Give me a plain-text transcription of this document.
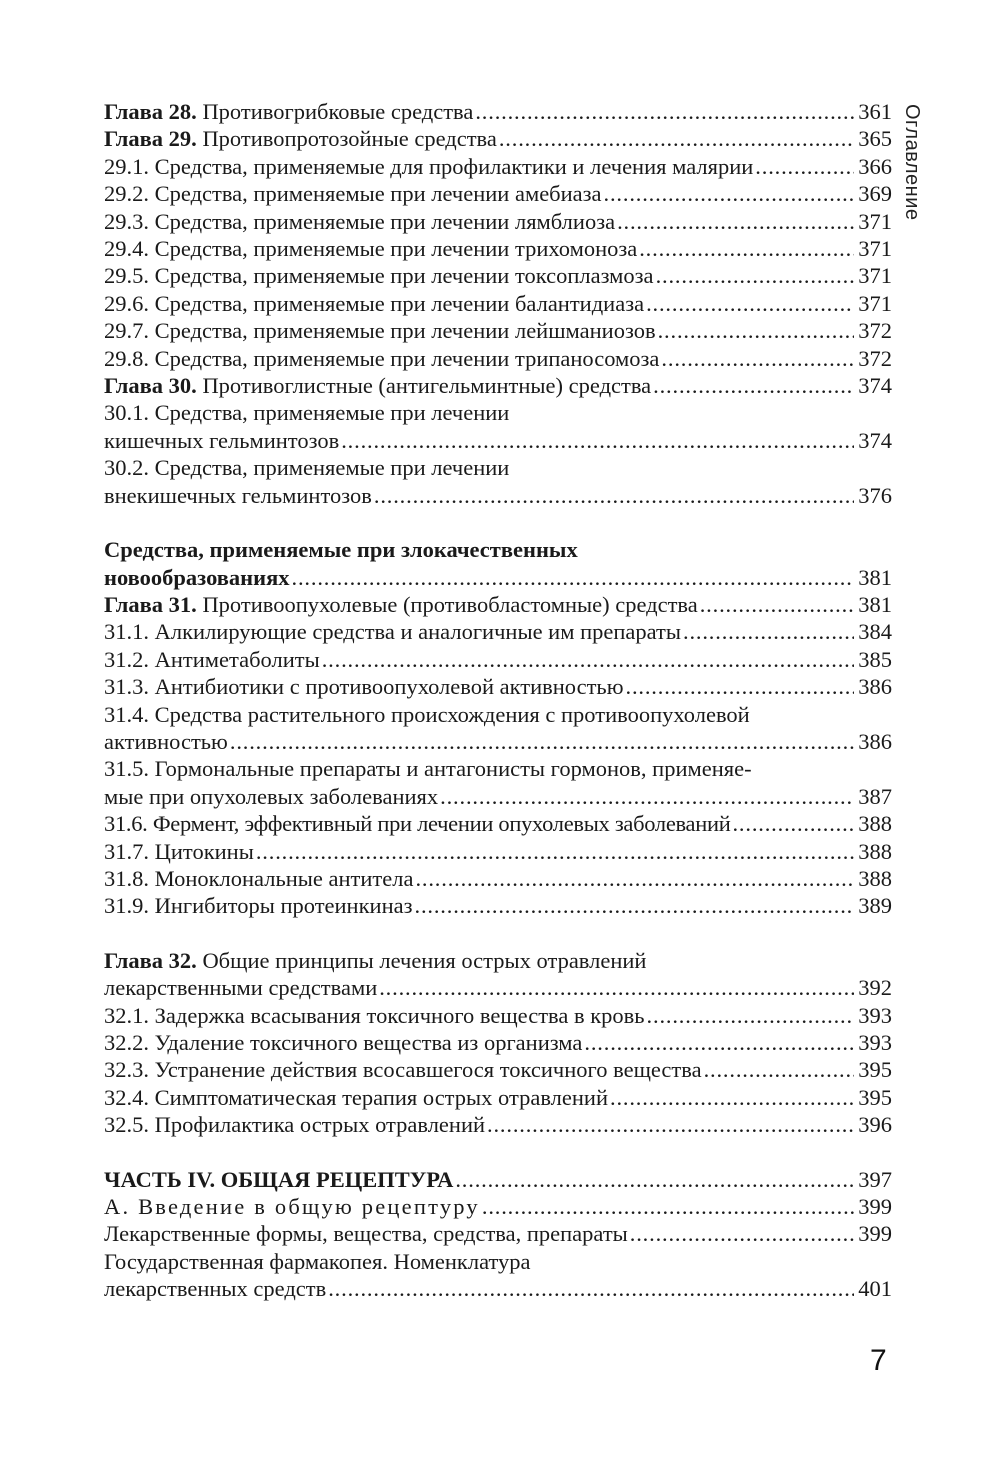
Оглавление
Глава 28. Противогрибковые средства . . .	361
Глава 29. Противопротозойные средства . . .	365
29.1. Средства, применяемые для профилактики и лечения малярии . . .	366
29.2. Средства, применяемые при лечении амебиаза . . .	369
29.3. Средства, применяемые при лечении лямблиоза . . .	371
29.4. Средства, применяемые при лечении трихомоноза . . .	371
29.5. Средства, применяемые при лечении токсоплазмоза . . .	371
29.6. Средства, применяемые при лечении балантидиаза . . .	371
29.7. Средства, применяемые при лечении лейшманиозов . . .	372
29.8. Средства, применяемые при лечении трипаносомоза . . .	372
Глава 30. Противоглистные (антигельминтные) средства . . .	374
30.1. Средства, применяемые при лечении
кишечных гельминтозов . . .	374
30.2. Средства, применяемые при лечении
внекишечных гельминтозов . . .	376
Средства, применяемые при злокачественных
новообразованиях . . .	381
Глава 31. Противоопухолевые (противобластомные) средства . . .	381
31.1. Алкилирующие средства и аналогичные им препараты . . .	384
31.2. Антиметаболиты . . .	385
31.3. Антибиотики с противоопухолевой активностью . . .	386
31.4. Средства растительного происхождения с противоопухолевой
активностью . . .	386
31.5. Гормональные препараты и антагонисты гормонов, применяе-
мые при опухолевых заболеваниях . . .	387
31.6. Фермент, эффективный при лечении опухолевых заболеваний . . .	388
31.7. Цитокины . . .	388
31.8. Моноклональные антитела . . .	388
31.9. Ингибиторы протеинкиназ . . .	389
Глава 32. Общие принципы лечения острых отравлений
лекарственными средствами . . .	392
32.1. Задержка всасывания токсичного вещества в кровь . . .	393
32.2. Удаление токсичного вещества из организма . . .	393
32.3. Устранение действия всосавшегося токсичного вещества . . .	395
32.4. Симптоматическая терапия острых отравлений . . .	395
32.5. Профилактика острых отравлений . . .	396
ЧАСТЬ IV. ОБЩАЯ РЕЦЕПТУРА . . .	397
А. Введение в общую рецептуру . . .	399
Лекарственные формы, вещества, средства, препараты . . .	399
Государственная фармакопея. Номенклатура
лекарственных средств . . .	401
7
